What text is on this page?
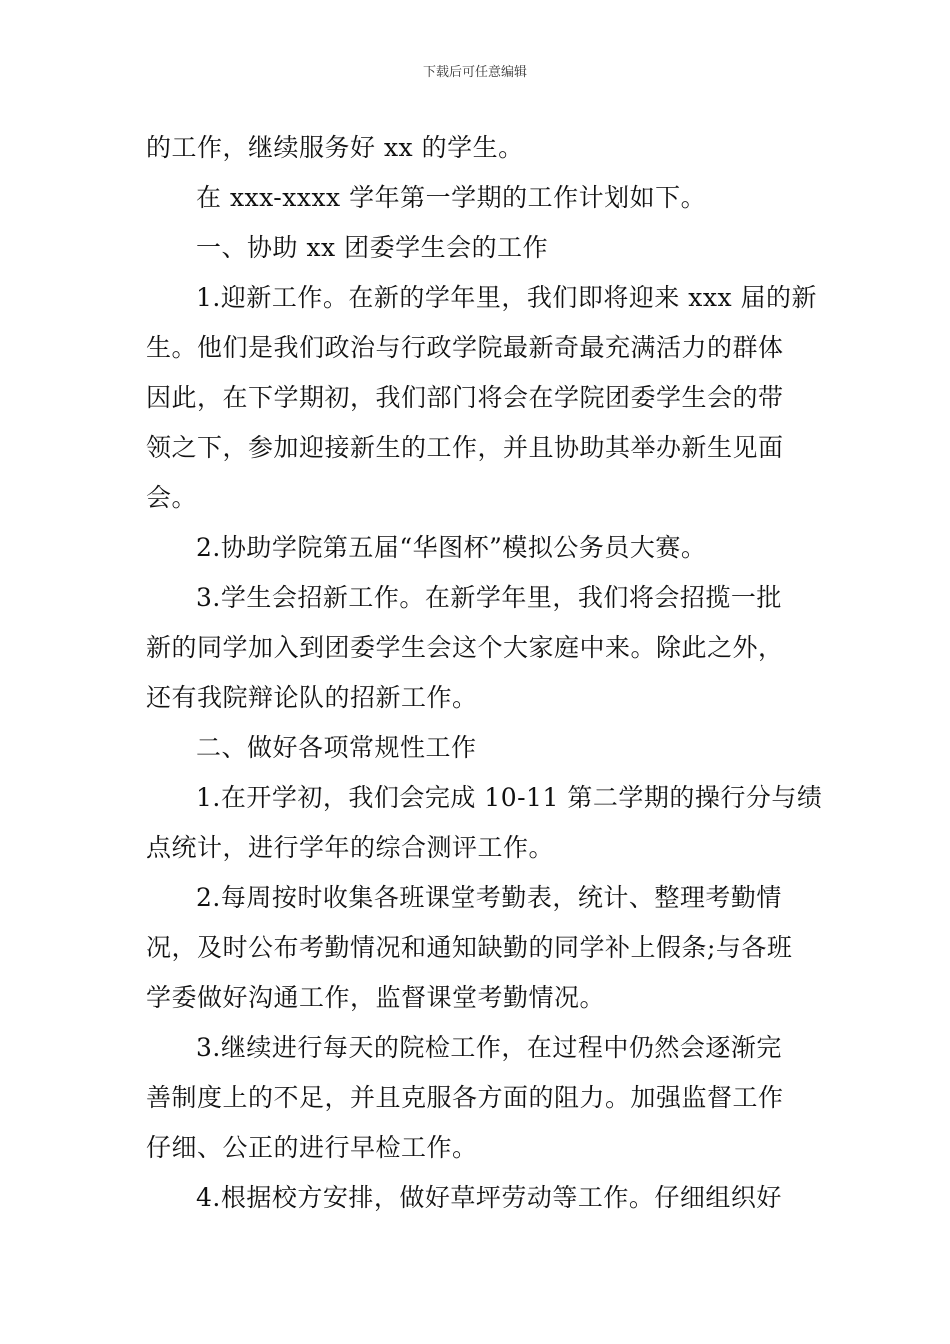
下载后可任意编辑
的工作，继续服务好 xx 的学生。
在 xxx-xxxx 学年第一学期的工作计划如下。
一、协助 xx 团委学生会的工作
1.迎新工作。在新的学年里，我们即将迎来 xxx 届的新
生。他们是我们政治与行政学院最新奇最充满活力的群体
因此，在下学期初，我们部门将会在学院团委学生会的带
领之下，参加迎接新生的工作，并且协助其举办新生见面
会。
2.协助学院第五届“华图杯”模拟公务员大赛。
3.学生会招新工作。在新学年里，我们将会招揽一批
新的同学加入到团委学生会这个大家庭中来。除此之外，
还有我院辩论队的招新工作。
二、做好各项常规性工作
1.在开学初，我们会完成 10-11 第二学期的操行分与绩
点统计，进行学年的综合测评工作。
2.每周按时收集各班课堂考勤表，统计、整理考勤情
况，及时公布考勤情况和通知缺勤的同学补上假条;与各班
学委做好沟通工作，监督课堂考勤情况。
3.继续进行每天的院检工作，在过程中仍然会逐渐完
善制度上的不足，并且克服各方面的阻力。加强监督工作
仔细、公正的进行早检工作。
4.根据校方安排，做好草坪劳动等工作。仔细组织好
